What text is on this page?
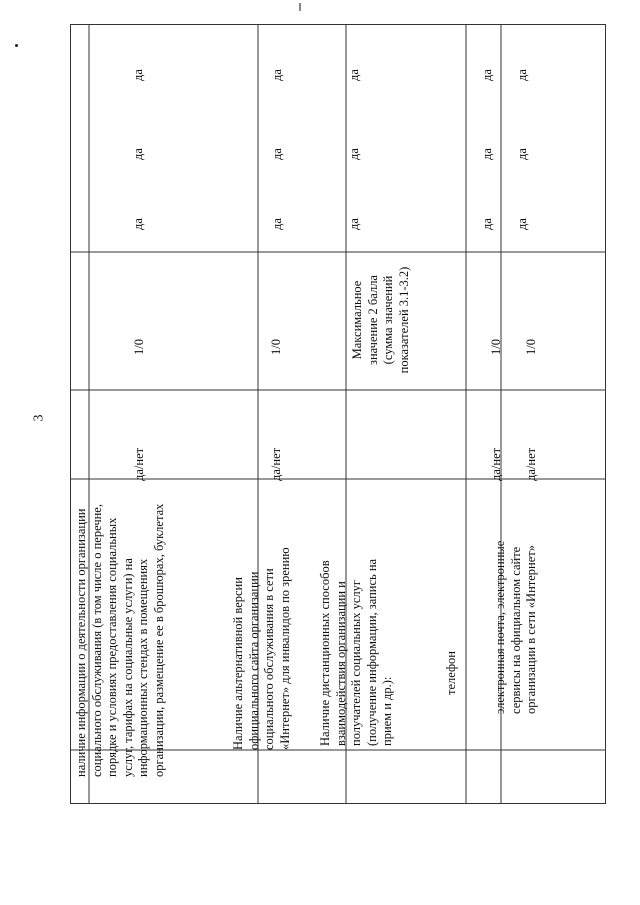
3
наличие информации о деятельности организации социального обслуживания (в том числе о перечне, порядке и условиях предоставления социальных услуг, тарифах на социальные услуги) на информационных стендах в помещениях организации, размещение ее в брошюрах, буклетах
да/нет
1/0
да
да
да
Наличие альтернативной версии официального сайта организации социального обслуживания в сети «Интернет» для инвалидов по зрению
да/нет
1/0
да
да
да
Наличие дистанционных способов взаимодействия организации и получателей социальных услуг (получение информации, запись на прием и др.):
Максимальное значение 2 балла (сумма значений показателей 3.1-3.2)
да
да
да
телефон
да/нет
1/0
да
да
да
электронная почта, электронные сервисы на официальном сайте организации в сети «Интернет»
да/нет
1/0
да
да
да
